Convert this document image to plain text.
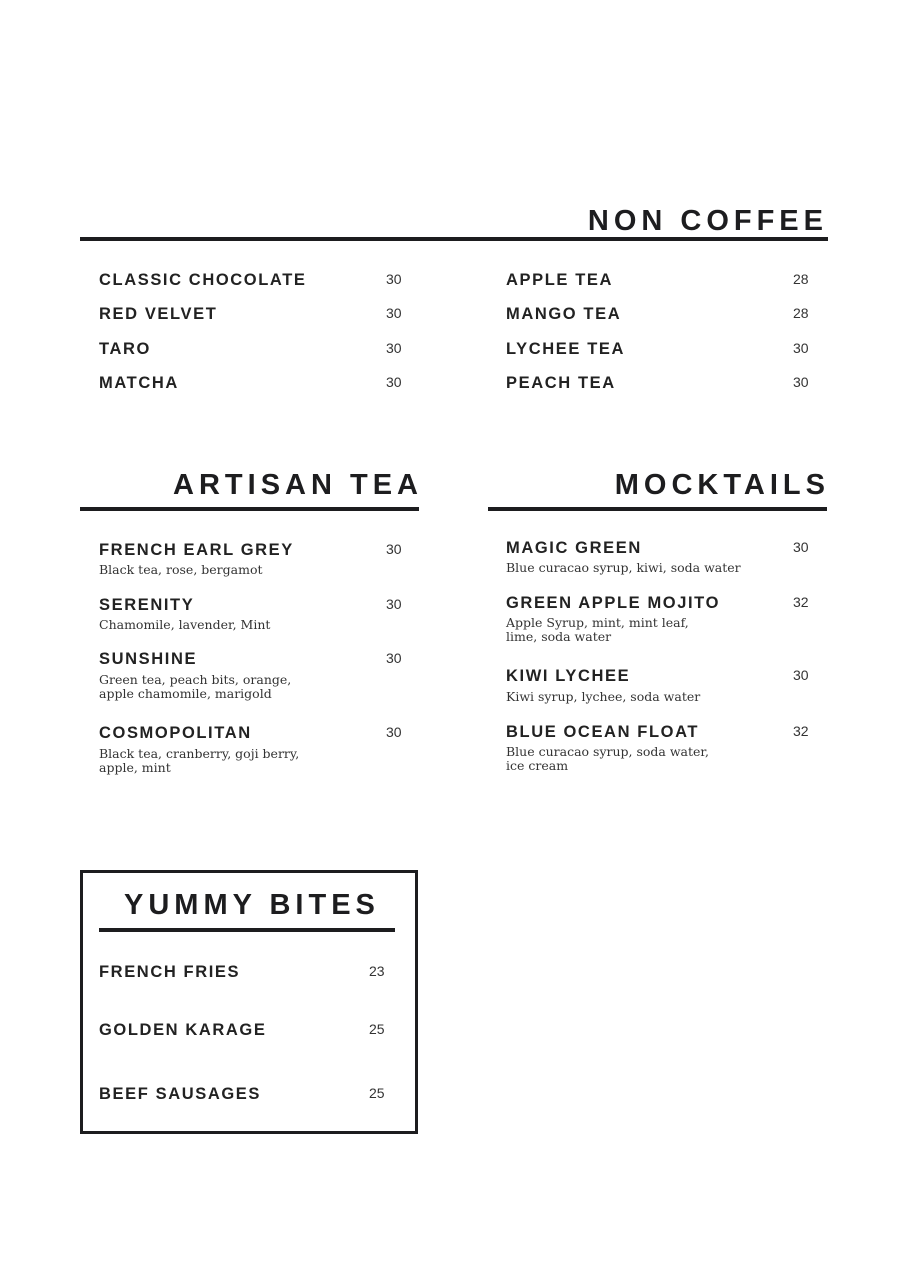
NON COFFEE
CLASSIC CHOCOLATE	30
RED VELVET	30
TARO	30
MATCHA	30
APPLE TEA	28
MANGO TEA	28
LYCHEE TEA	30
PEACH TEA	30
ARTISAN TEA
FRENCH EARL GREY	30
Black tea, rose, bergamot
SERENITY	30
Chamomile, lavender, Mint
SUNSHINE	30
Green tea, peach bits, orange,
apple chamomile, marigold
COSMOPOLITAN	30
Black tea, cranberry, goji berry,
apple, mint
MOCKTAILS
MAGIC GREEN	30
Blue curacao syrup, kiwi, soda water
GREEN APPLE MOJITO	32
Apple Syrup, mint, mint leaf,
lime, soda water
KIWI LYCHEE	30
Kiwi syrup, lychee, soda water
BLUE OCEAN FLOAT	32
Blue curacao syrup, soda water,
ice cream
YUMMY BITES
FRENCH FRIES	23
GOLDEN KARAGE	25
BEEF SAUSAGES	25
